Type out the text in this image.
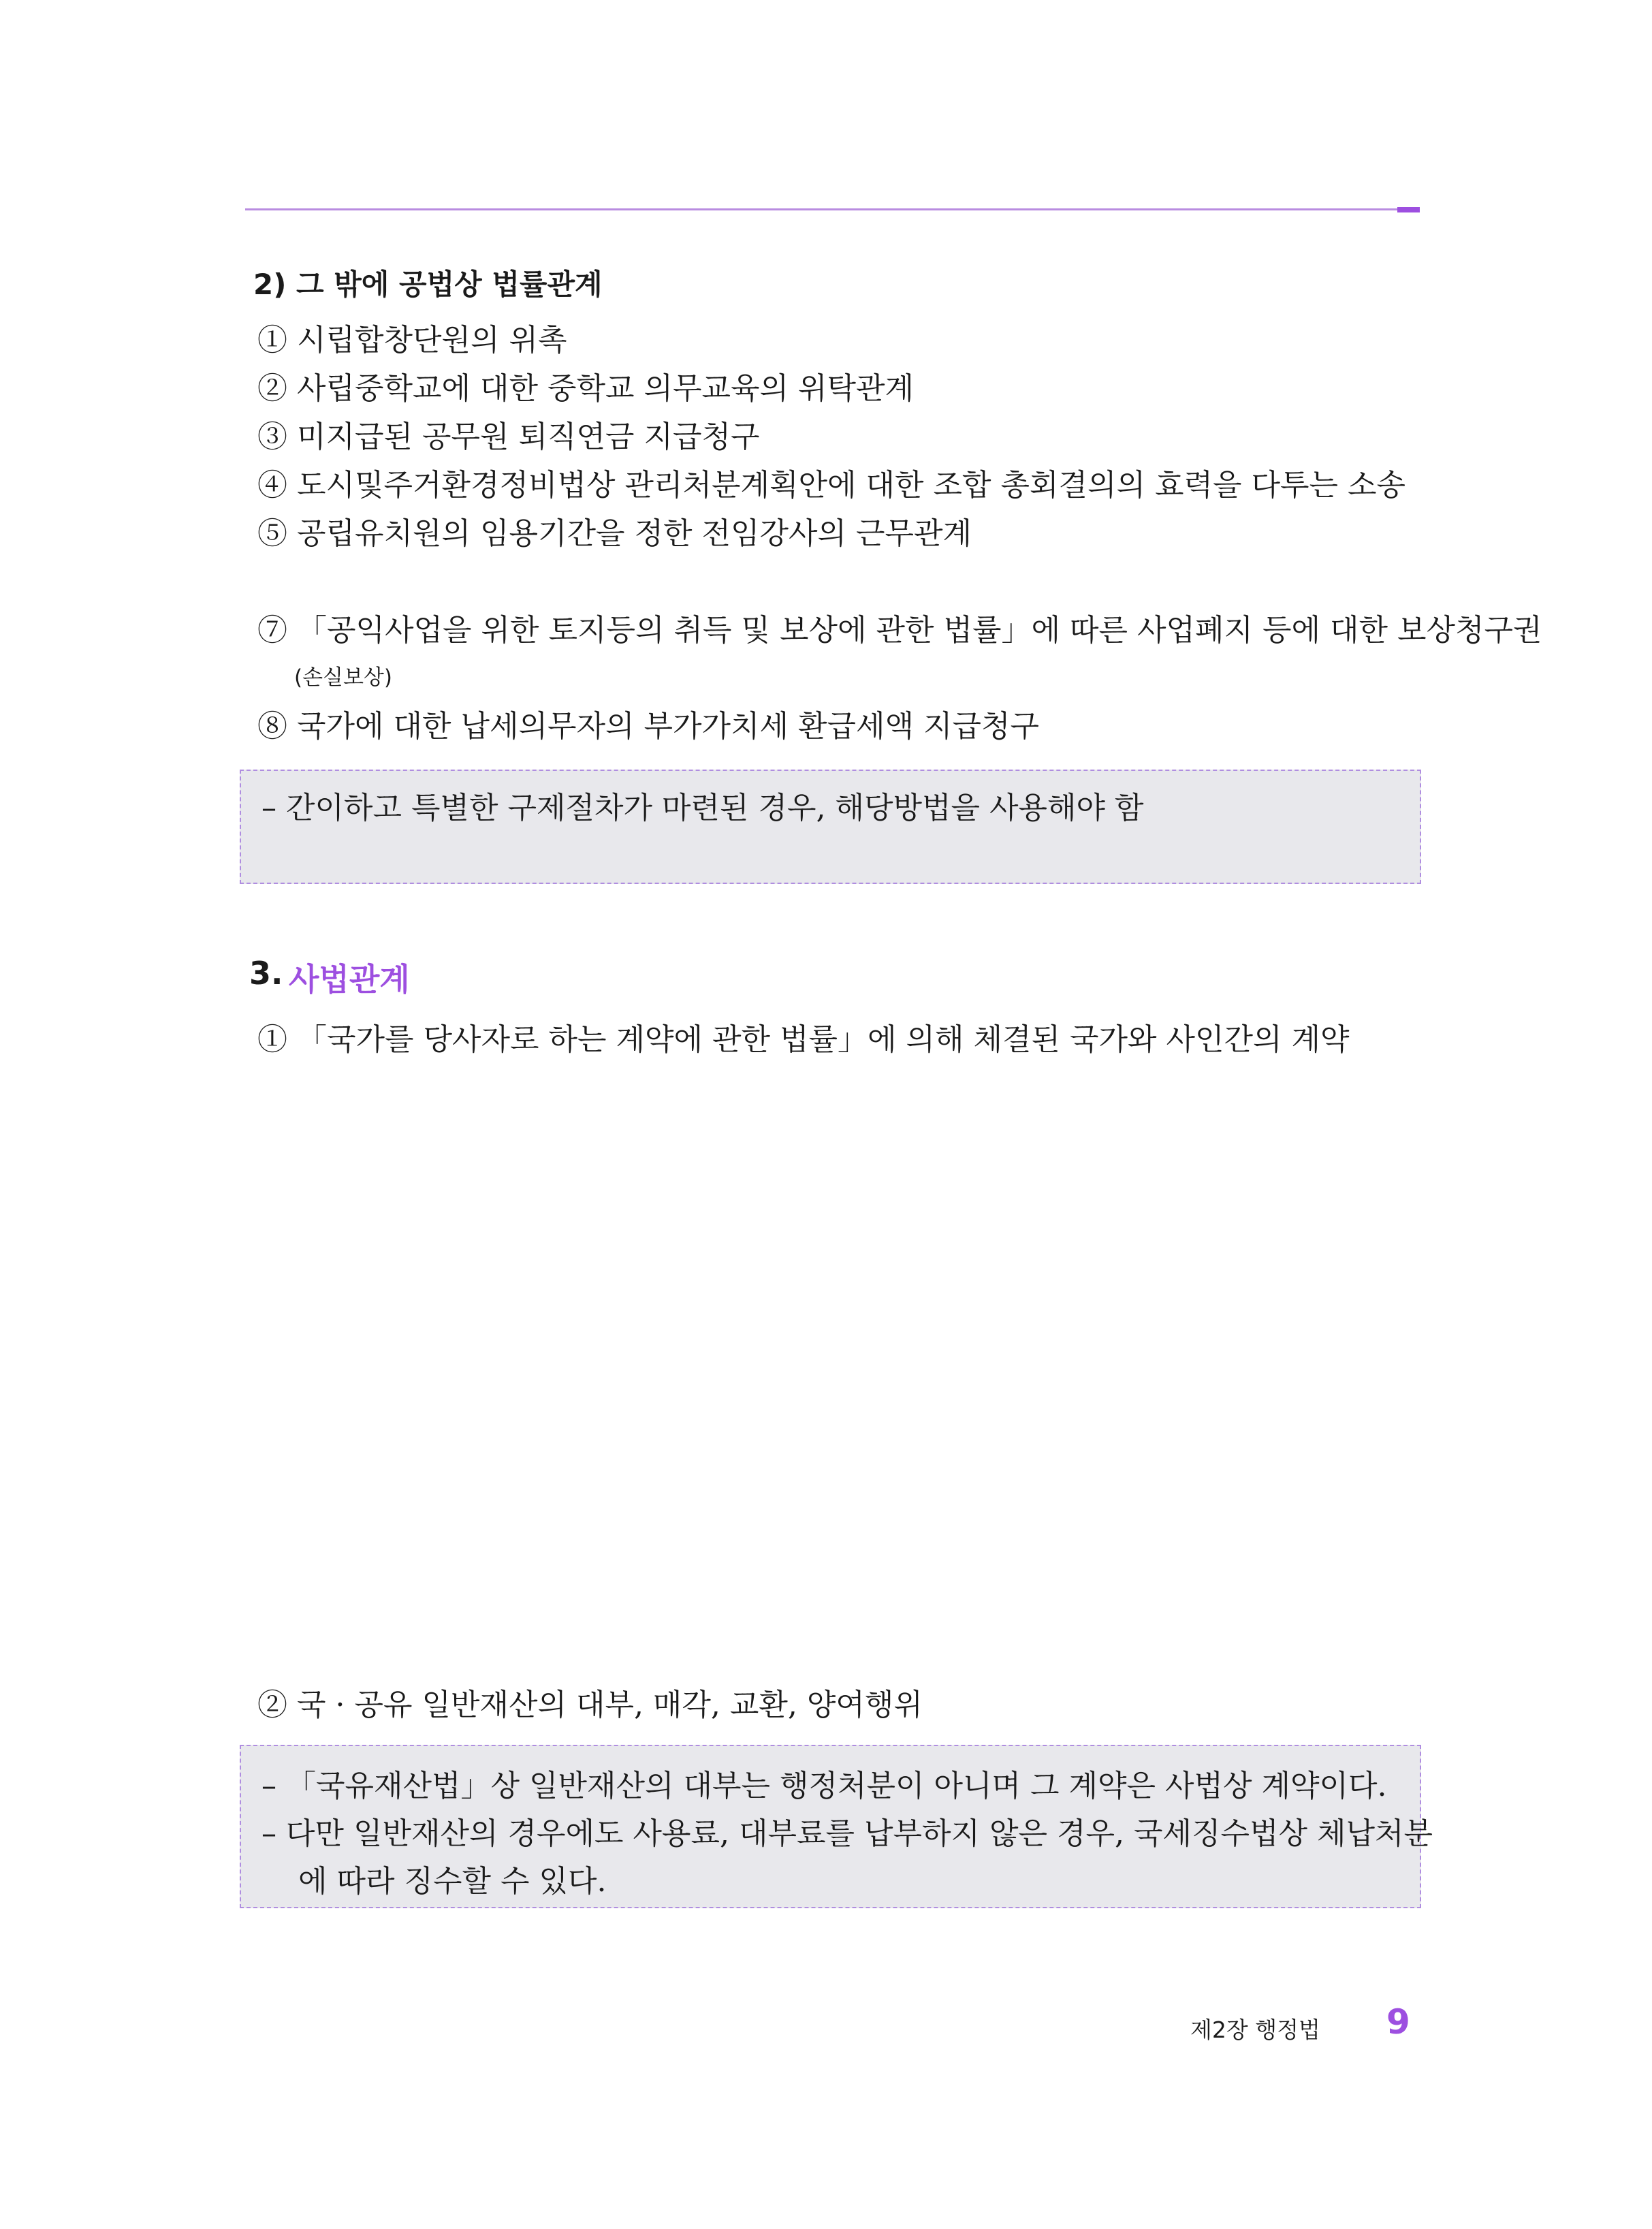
2) 그 밖에 공법상 법률관계
① 시립합창단원의 위촉
② 사립중학교에 대한 중학교 의무교육의 위탁관계
③ 미지급된 공무원 퇴직연금 지급청구
④ 도시및주거환경정비법상 관리처분계획안에 대한 조합 총회결의의 효력을 다투는 소송
⑤ 공립유치원의 임용기간을 정한 전임강사의 근무관계
⑦ 「공익사업을 위한 토지등의 취득 및 보상에 관한 법률」에 따른 사업폐지 등에 대한 보상청구권
(손실보상)
⑧ 국가에 대한 납세의무자의 부가가치세 환급세액 지급청구
– 간이하고 특별한 구제절차가 마련된 경우, 해당방법을 사용해야 함
3. 사법관계
① 「국가를 당사자로 하는 계약에 관한 법률」에 의해 체결된 국가와 사인간의 계약
② 국 · 공유 일반재산의 대부, 매각, 교환, 양여행위
– 「국유재산법」상 일반재산의 대부는 행정처분이 아니며 그 계약은 사법상 계약이다.
– 다만 일반재산의 경우에도 사용료, 대부료를 납부하지 않은 경우, 국세징수법상 체납처분
에 따라 징수할 수 있다.
제2장 행정법 9
